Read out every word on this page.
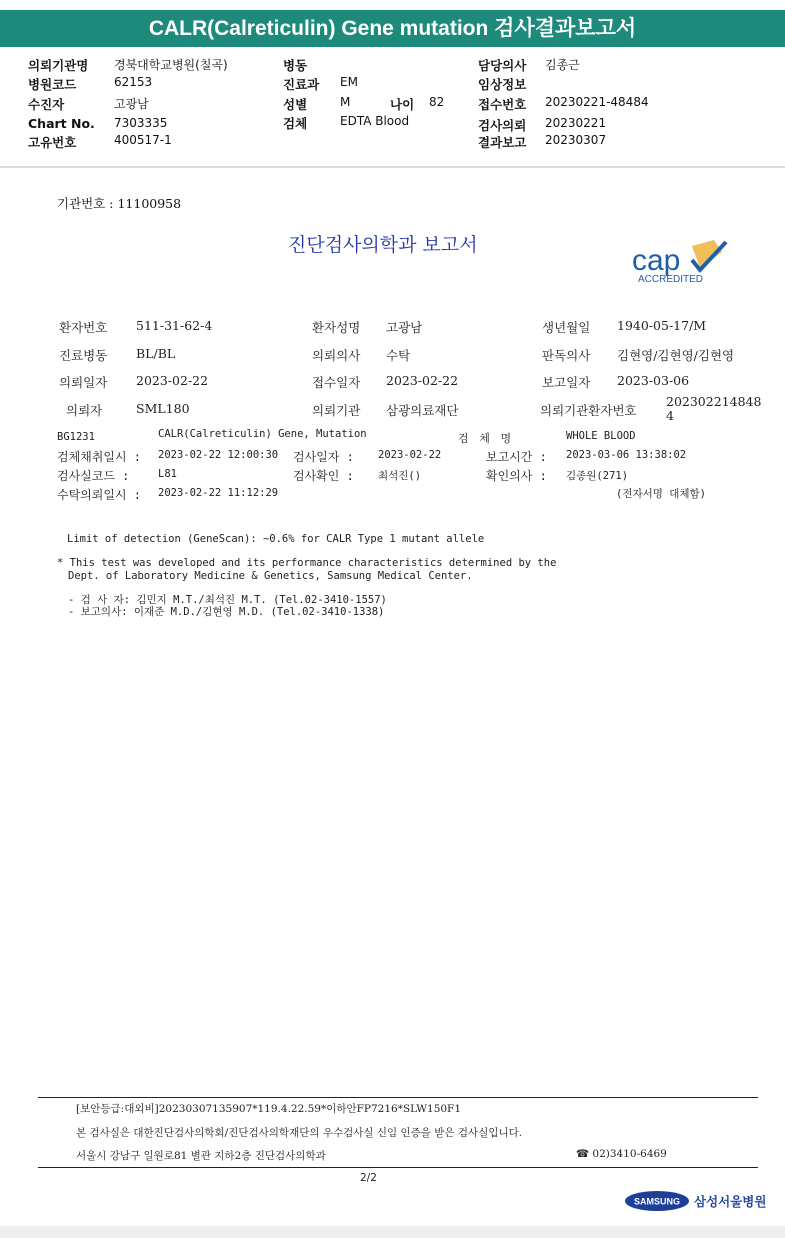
CALR(Calreticulin) Gene mutation 검사결과보고서
의뢰기관명 경북대학교병원(칠곡)
병원코드	62153
수진자	고광남
Chart No. 7303335
고유번호	400517-1
병동
진료과 EM
성별	M	나이 82
검체	EDTA Blood
담당의사 김종근
임상정보
접수번호 20230221-48484
검사의뢰 20230221
결과보고 20230307
기관번호 : 11100958
진단검사의학과 보고서	cap
ACCREDITED
환자번호 511-31-62-4	환자성명 고광남	생년월일 1940-05-17/M
진료병동 BL/BL	의뢰의사 수탁	판독의사 김현영/김현영/김현영
의뢰일자 2023-02-22	접수일자 2023-02-22	보고일자 2023-03-06
의뢰자	SML180	의뢰기관 삼광의료재단	의뢰기관환자번호
202302214848
4
BG1231	CALR(Calreticulin) Gene, Mutation	검 체 명	WHOLE BLOOD
검체채취일시 : 2023-02-22 12:00:30 검사일자 : 2023-02-22	보고시간 : 2023-03-06 13:38:02
검사실코드 :	L81	검사확인 : 최석진()	확인의사 : 김종원(271)
수탁의뢰일시 : 2023-02-22 11:12:29	(전자서명 대체함)
Limit of detection (GeneScan): ~0.6% for CALR Type 1 mutant allele
* This test was developed and its performance characteristics determined by the
Dept. of Laboratory Medicine & Genetics, Samsung Medical Center.
- 검 사 자: 김민지 M.T./최석진 M.T. (Tel.02-3410-1557)
- 보고의사: 이재준 M.D./김현영 M.D. (Tel.02-3410-1338)
[보안등급:대외비]20230307135907*119.4.22.59*이하안FP7216*SLW150F1
본 검사실은 대한진단검사의학회/진단검사의학재단의 우수검사실 신임 인증을 받은 검사실입니다.
서울시 강남구 일원로81 별관 지하2층 진단검사의학과	☎ 02)3410-6469
2/2
SAMSUNG 삼성서울병원
